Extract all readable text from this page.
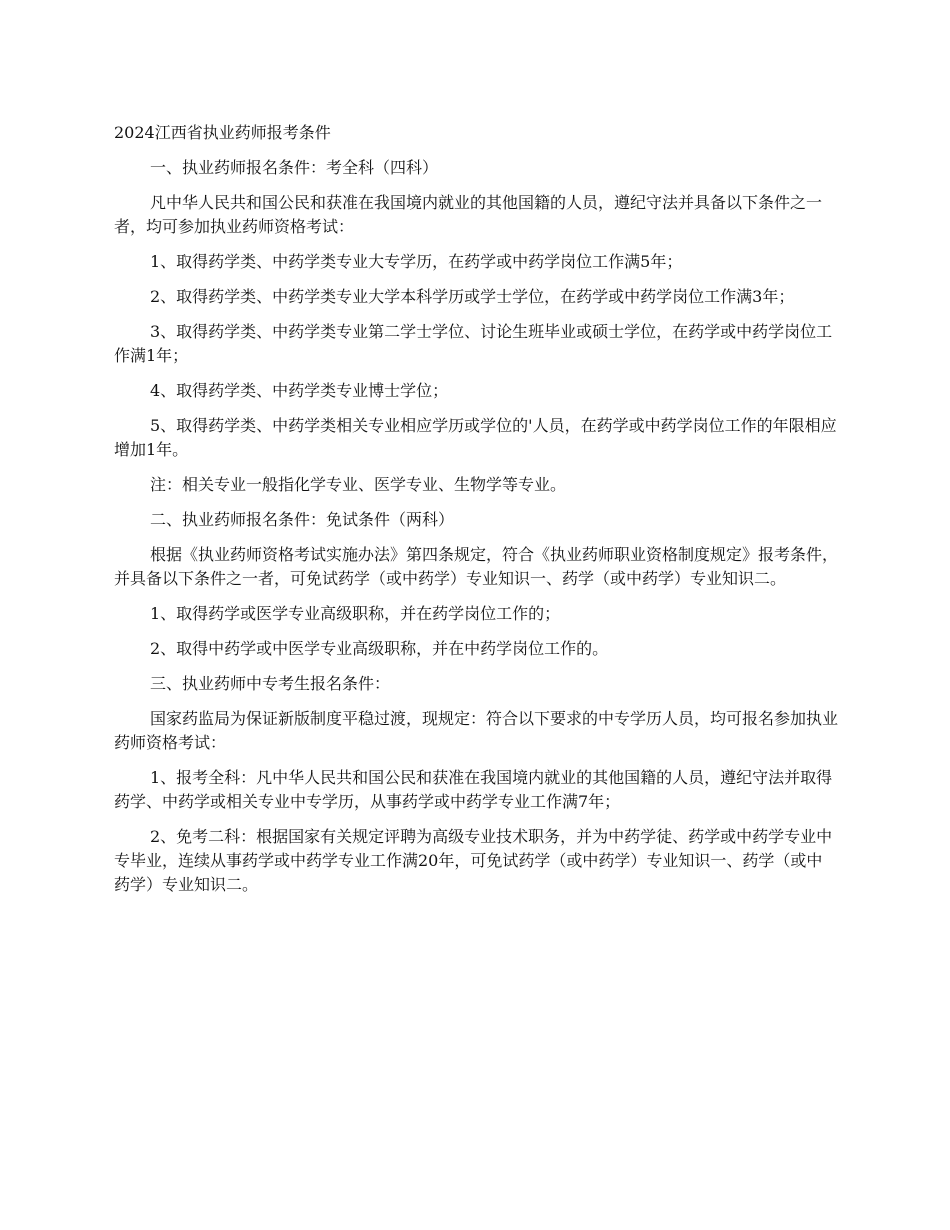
2024江西省执业药师报考条件

一、执业药师报名条件：考全科（四科）

凡中华人民共和国公民和获准在我国境内就业的其他国籍的人员，遵纪守法并具备以下条件之一者，均可参加执业药师资格考试：

1、取得药学类、中药学类专业大专学历，在药学或中药学岗位工作满5年；

2、取得药学类、中药学类专业大学本科学历或学士学位，在药学或中药学岗位工作满3年；

3、取得药学类、中药学类专业第二学士学位、讨论生班毕业或硕士学位，在药学或中药学岗位工作满1年；

4、取得药学类、中药学类专业博士学位；

5、取得药学类、中药学类相关专业相应学历或学位的'人员，在药学或中药学岗位工作的年限相应增加1年。

注：相关专业一般指化学专业、医学专业、生物学等专业。

二、执业药师报名条件：免试条件（两科）

根据《执业药师资格考试实施办法》第四条规定，符合《执业药师职业资格制度规定》报考条件，并具备以下条件之一者，可免试药学（或中药学）专业知识一、药学（或中药学）专业知识二。

1、取得药学或医学专业高级职称，并在药学岗位工作的；

2、取得中药学或中医学专业高级职称，并在中药学岗位工作的。

三、执业药师中专考生报名条件：

国家药监局为保证新版制度平稳过渡，现规定：符合以下要求的中专学历人员，均可报名参加执业药师资格考试：

1、报考全科：凡中华人民共和国公民和获准在我国境内就业的其他国籍的人员，遵纪守法并取得药学、中药学或相关专业中专学历，从事药学或中药学专业工作满7年；

2、免考二科：根据国家有关规定评聘为高级专业技术职务，并为中药学徒、药学或中药学专业中专毕业，连续从事药学或中药学专业工作满20年，可免试药学（或中药学）专业知识一、药学（或中药学）专业知识二。
